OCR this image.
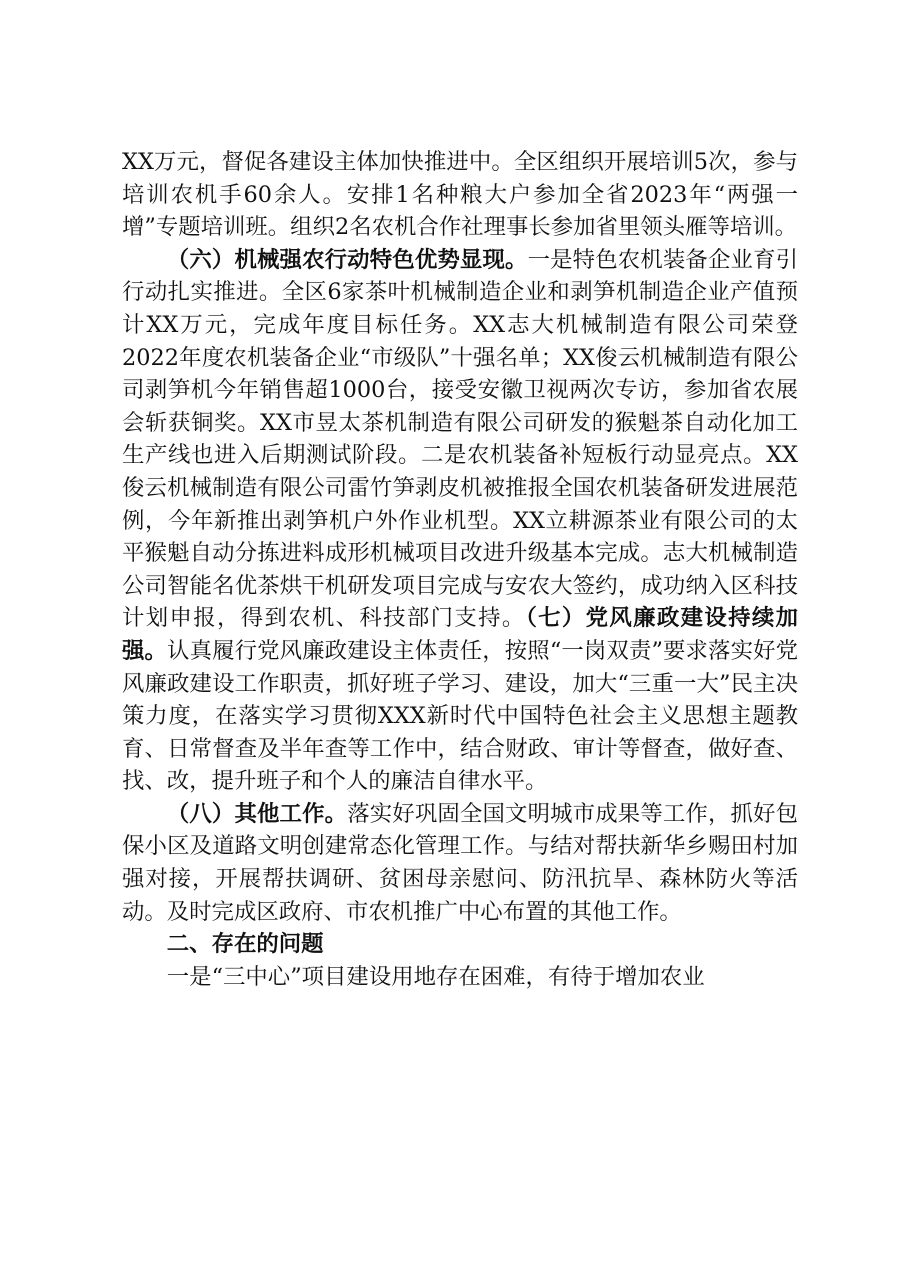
XX万元，督促各建设主体加快推进中。全区组织开展培训5次，参与培训农机手60余人。安排1名种粮大户参加全省2023年“两强一增”专题培训班。组织2名农机合作社理事长参加省里领头雁等培训。

（六）机械强农行动特色优势显现。一是特色农机装备企业育引行动扎实推进。全区6家茶叶机械制造企业和剥笋机制造企业产值预计XX万元，完成年度目标任务。XX志大机械制造有限公司荣登2022年度农机装备企业“市级队”十强名单；XX俊云机械制造有限公司剥笋机今年销售超1000台，接受安徽卫视两次专访，参加省农展会斩获铜奖。XX市昱太茶机制造有限公司研发的猴魁茶自动化加工生产线也进入后期测试阶段。二是农机装备补短板行动显亮点。XX俊云机械制造有限公司雷竹笋剥皮机被推报全国农机装备研发进展范例，今年新推出剥笋机户外作业机型。XX立耕源茶业有限公司的太平猴魁自动分拣进料成形机械项目改进升级基本完成。志大机械制造公司智能名优茶烘干机研发项目完成与安农大签约，成功纳入区科技计划申报，得到农机、科技部门支持。（七）党风廉政建设持续加强。认真履行党风廉政建设主体责任，按照“一岗双责”要求落实好党风廉政建设工作职责，抓好班子学习、建设，加大“三重一大”民主决策力度，在落实学习贯彻XXX新时代中国特色社会主义思想主题教育、日常督查及半年查等工作中，结合财政、审计等督查，做好查、找、改，提升班子和个人的廉洁自律水平。

（八）其他工作。落实好巩固全国文明城市成果等工作，抓好包保小区及道路文明创建常态化管理工作。与结对帮扶新华乡赐田村加强对接，开展帮扶调研、贫困母亲慰问、防汛抗旱、森林防火等活动。及时完成区政府、市农机推广中心布置的其他工作。

二、存在的问题

一是“三中心”项目建设用地存在困难，有待于增加农业
